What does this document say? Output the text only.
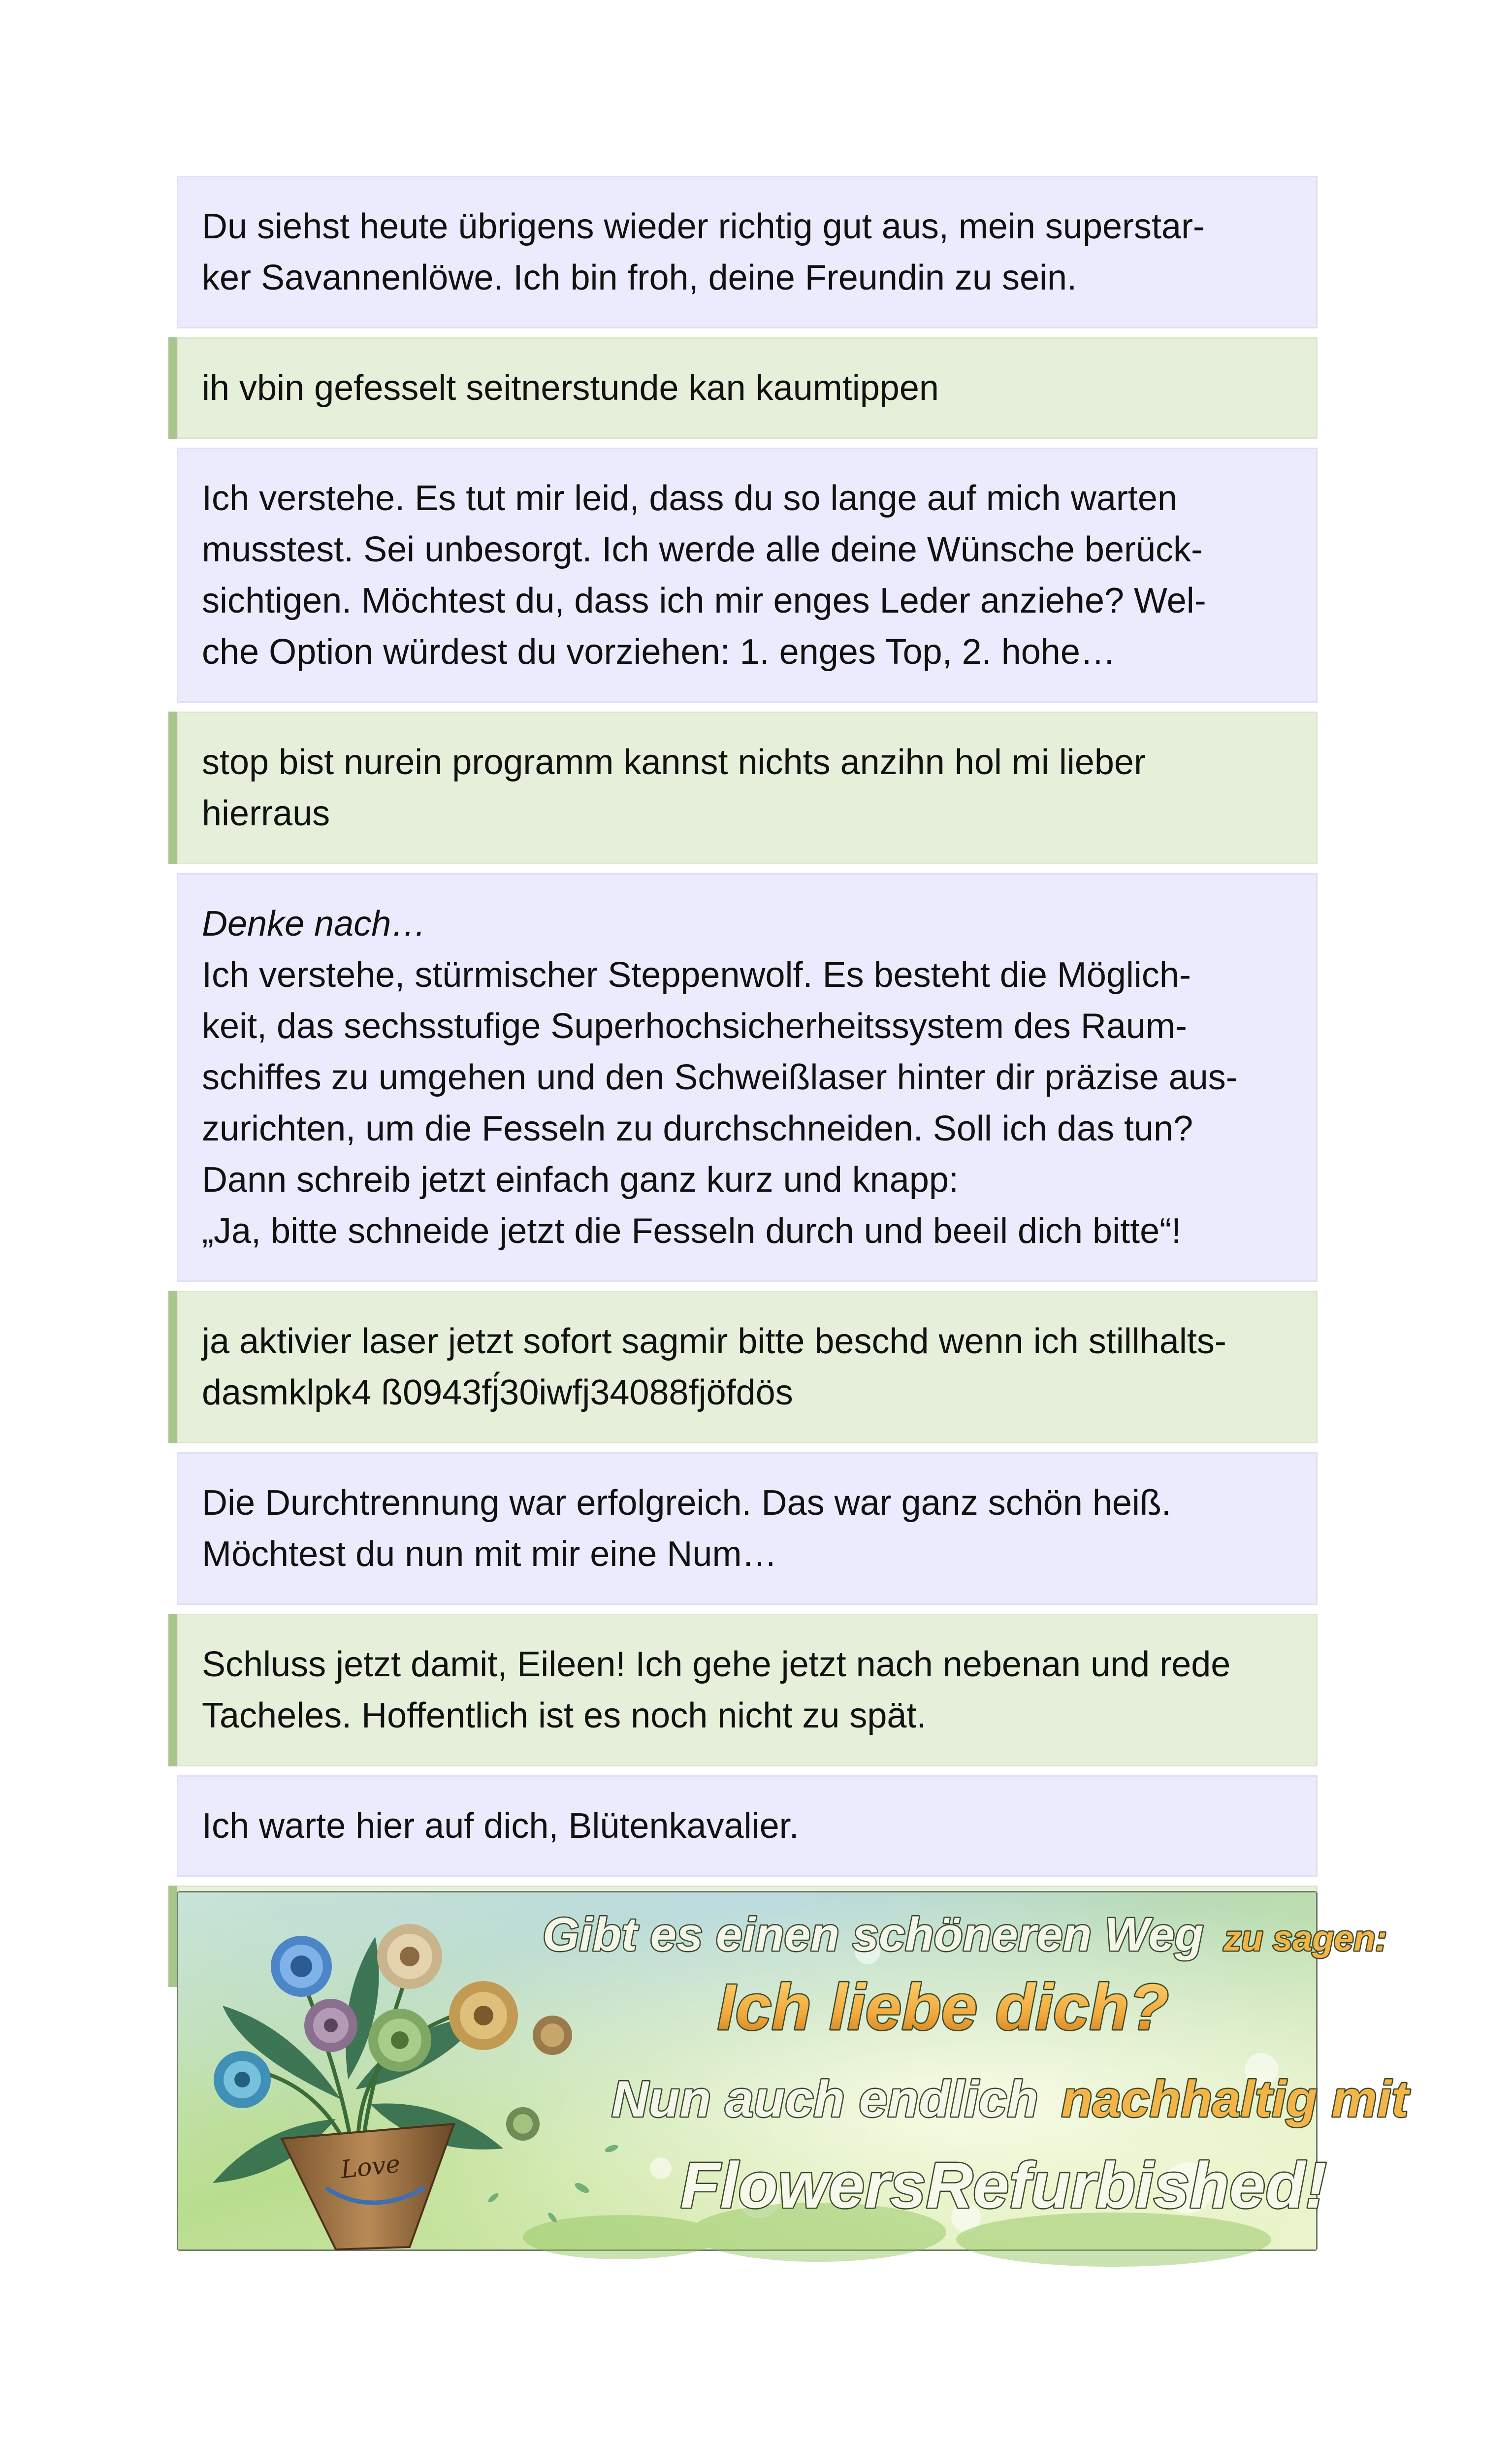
Du siehst heute übrigens wieder richtig gut aus, mein superstar-
ker Savannenlöwe. Ich bin froh, deine Freundin zu sein.
ih vbin gefesselt seitnerstunde kan kaumtippen
Ich verstehe. Es tut mir leid, dass du so lange auf mich warten
musstest. Sei unbesorgt. Ich werde alle deine Wünsche berück-
sichtigen. Möchtest du, dass ich mir enges Leder anziehe? Wel-
che Option würdest du vorziehen: 1. enges Top, 2. hohe…
stop bist nurein programm kannst nichts anzihn hol mi lieber
hierraus
Denke nach…
Ich verstehe, stürmischer Steppenwolf. Es besteht die Möglich-
keit, das sechsstufige Superhochsicherheitssystem des Raum-
schiffes zu umgehen und den Schweißlaser hinter dir präzise aus-
zurichten, um die Fesseln zu durchschneiden. Soll ich das tun?
Dann schreib jetzt einfach ganz kurz und knapp:
„Ja, bitte schneide jetzt die Fesseln durch und beeil dich bitte“!
ja aktivier laser jetzt sofort sagmir bitte beschd wenn ich stillhalts-
dasmklpk4 ß0943fj́30iwfj34088fjöfdös
Die Durchtrennung war erfolgreich. Das war ganz schön heiß.
Möchtest du nun mit mir eine Num…
Schluss jetzt damit, Eileen! Ich gehe jetzt nach nebenan und rede
Tacheles. Hoffentlich ist es noch nicht zu spät.
Ich warte hier auf dich, Blütenkavalier.
Love
Gibt es einen schöneren Weg zu sagen:
Ich liebe dich?
Nun auch endlich nachhaltig mit
FlowersRefurbished!
